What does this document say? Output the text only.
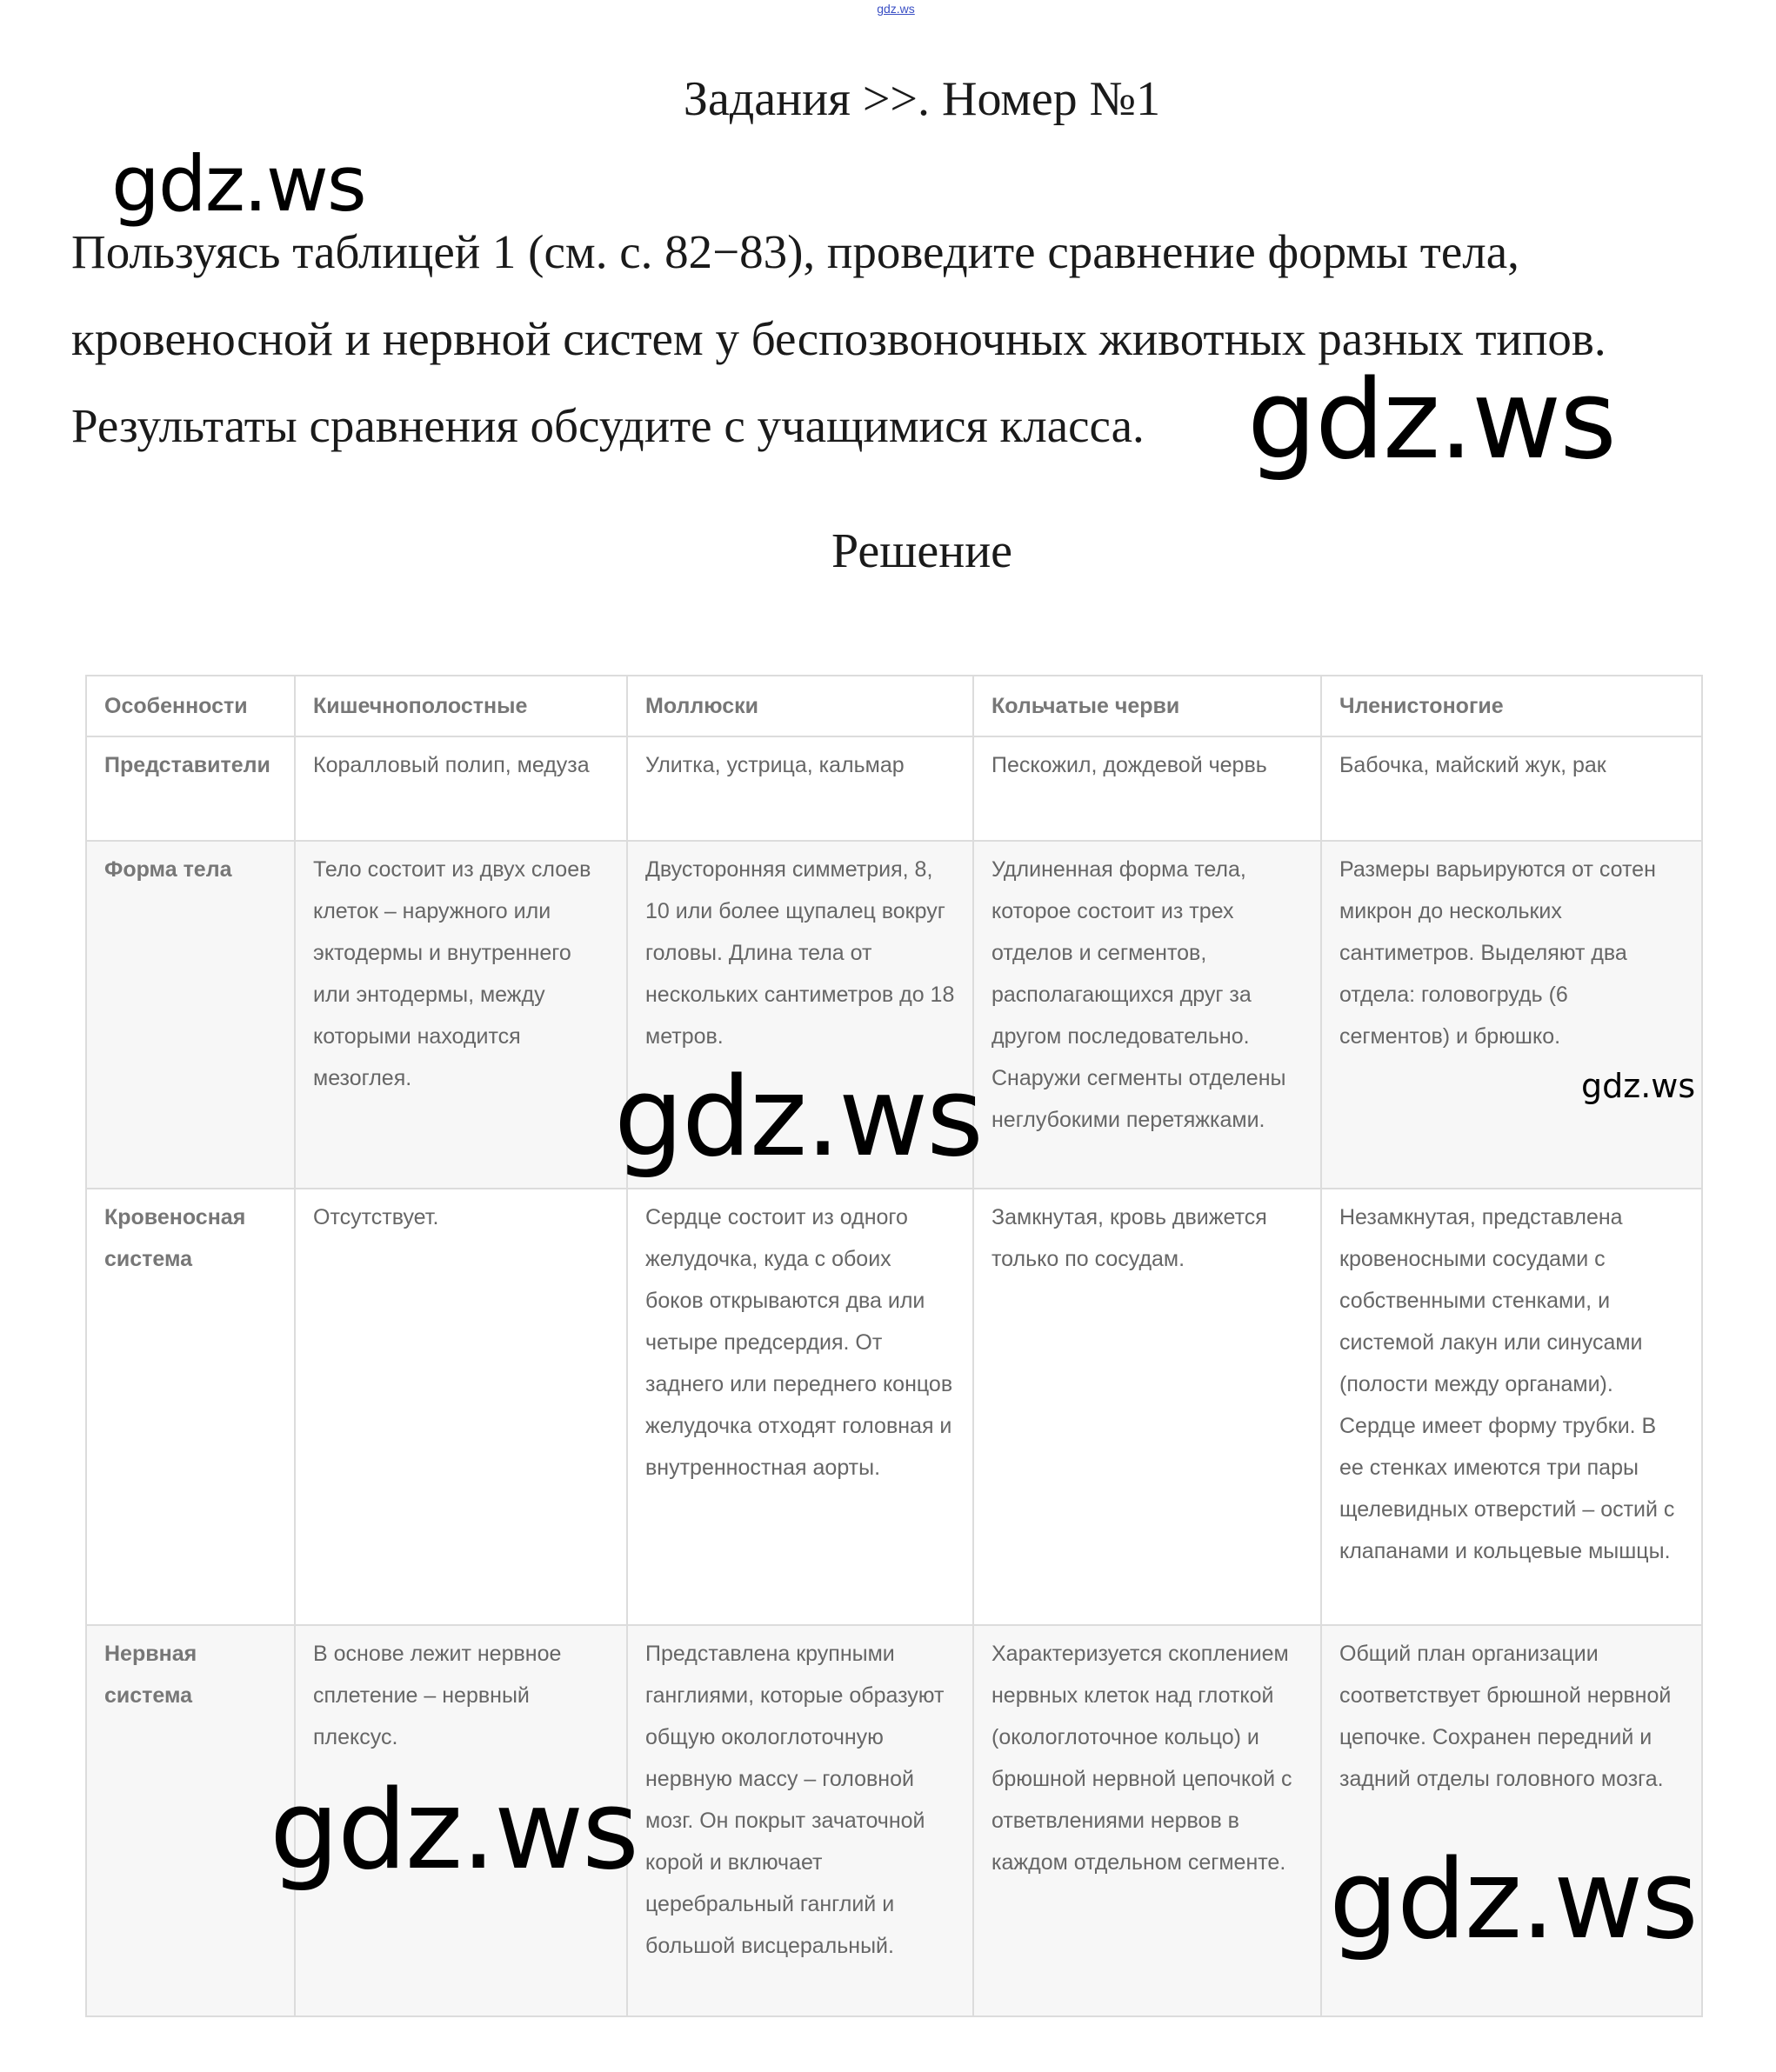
gdz.ws
Задания >>. Номер №1

Пользуясь таблицей 1 (см. с. 82−83), проведите сравнение формы тела,

кровеносной и нервной систем у беспозвоночных животных разных типов.

Результаты сравнения обсудите с учащимися класса.

Решение
Особенности	Кишечнополостные	Моллюски	Кольчатые черви	Членистоногие
Представители	Коралловый полип, медуза	Улитка, устрица, кальмар	Пескожил, дождевой червь	Бабочка, майский жук, рак
Форма тела	Тело состоит из двух слоев клеток – наружного или эктодермы и внутреннего или энтодермы, между которыми находится мезоглея.	Двусторонняя симметрия, 8, 10 или более щупалец вокруг головы. Длина тела от нескольких сантиметров до 18 метров.	Удлиненная форма тела, которое состоит из трех отделов и сегментов, располагающихся друг за другом последовательно. Снаружи сегменты отделены неглубокими перетяжками.	Размеры варьируются от сотен микрон до нескольких сантиметров. Выделяют два отдела: головогрудь (6 сегментов) и брюшко.
Кровеносная система	Отсутствует.	Сердце состоит из одного желудочка, куда с обоих боков открываются два или четыре предсердия. От заднего или переднего концов желудочка отходят головная и внутренностная аорты.	Замкнутая, кровь движется только по сосудам.	Незамкнутая, представлена кровеносными сосудами с собственными стенками, и системой лакун или синусами (полости между органами). Сердце имеет форму трубки. В ее стенках имеются три пары щелевидных отверстий – остий с клапанами и кольцевые мышцы.
Нервная система	В основе лежит нервное сплетение – нервный плексус.	Представлена крупными ганглиями, которые образуют общую окологлоточную нервную массу – головной мозг. Он покрыт зачаточной корой и включает церебральный ганглий и большой висцеральный.	Характеризуется скоплением нервных клеток над глоткой (окологлоточное кольцо) и брюшной нервной цепочкой с ответвлениями нервов в каждом отдельном сегменте.	Общий план организации соответствует брюшной нервной цепочке. Сохранен передний и задний отделы головного мозга.
gdz.ws
gdz.ws
gdz.ws	gdz.ws
gdz.ws
gdz.ws
